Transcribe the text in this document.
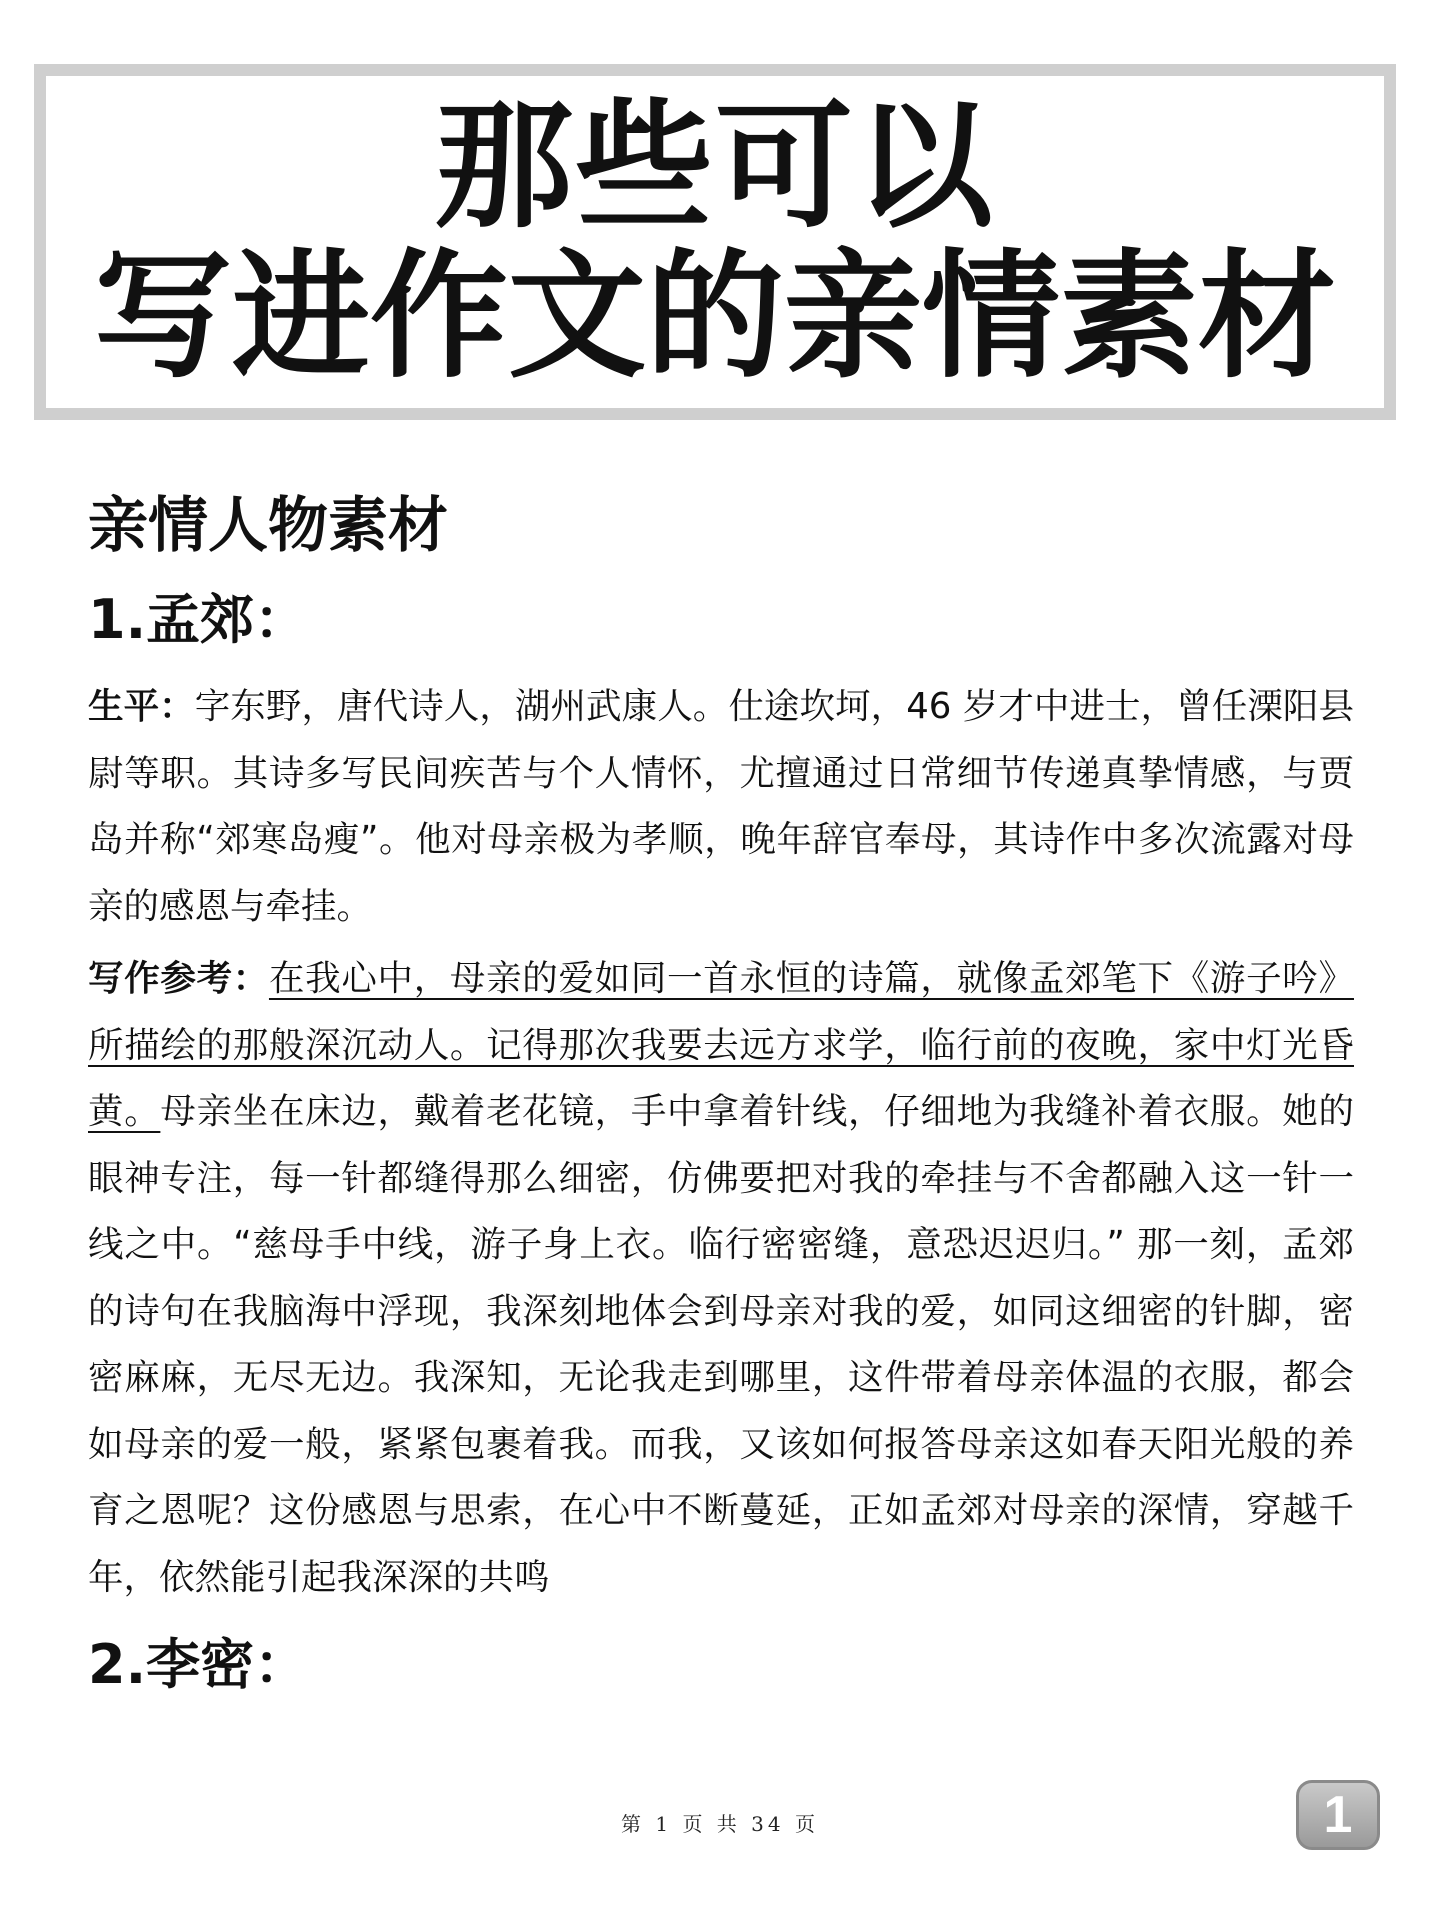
那些可以
写进作文的亲情素材
亲情人物素材
1.孟郊：

生平：字东野，唐代诗人，湖州武康人。仕途坎坷，46 岁才中进士，曾任溧阳县尉等职。其诗多写民间疾苦与个人情怀，尤擅通过日常细节传递真挚情感，与贾岛并称“郊寒岛瘦”。他对母亲极为孝顺，晚年辞官奉母，其诗作中多次流露对母亲的感恩与牵挂。

写作参考：在我心中，母亲的爱如同一首永恒的诗篇，就像孟郊笔下《游子吟》所描绘的那般深沉动人。记得那次我要去远方求学，临行前的夜晚，家中灯光昏黄。母亲坐在床边，戴着老花镜，手中拿着针线，仔细地为我缝补着衣服。她的眼神专注，每一针都缝得那么细密，仿佛要把对我的牵挂与不舍都融入这一针一线之中。“慈母手中线，游子身上衣。临行密密缝，意恐迟迟归。” 那一刻，孟郊的诗句在我脑海中浮现，我深刻地体会到母亲对我的爱，如同这细密的针脚，密密麻麻，无尽无边。我深知，无论我走到哪里，这件带着母亲体温的衣服，都会如母亲的爱一般，紧紧包裹着我。而我，又该如何报答母亲这如春天阳光般的养育之恩呢？这份感恩与思索，在心中不断蔓延，正如孟郊对母亲的深情，穿越千年，依然能引起我深深的共鸣

2.李密：
第 1 页 共 34 页	1
